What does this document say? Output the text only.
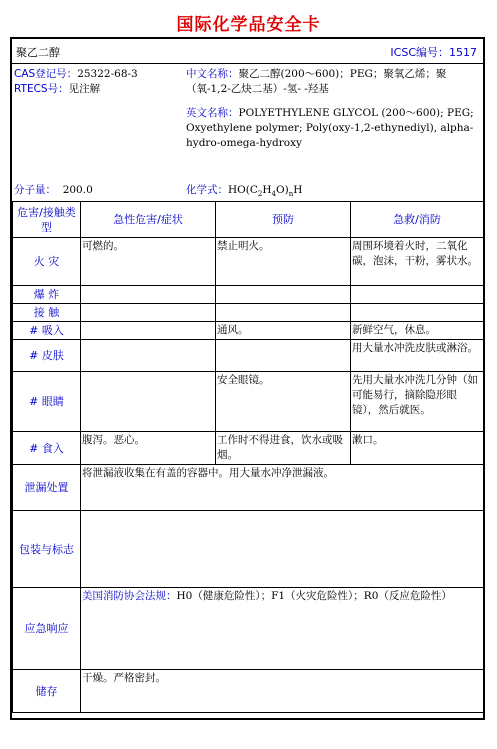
国际化学品安全卡
聚乙二醇	ICSC编号：1517
CAS登记号：25322-68-3
RTECS号：见注解
中文名称：聚乙二醇(200～600)；PEG；聚氧乙烯；聚（氧-1,2-乙炔二基）-氢- -羟基
英文名称：POLYETHYLENE GLYCOL (200～600); PEG; Oxyethylene polymer; Poly(oxy-1,2-ethynediyl), alpha-hydro-omega-hydroxy
分子量： 200.0	化学式：$HO(C_2H_4O)_nH$
危害/接触类型	急性危害/症状	预防	急救/消防
火 灾	可燃的。	禁止明火。	周围环境着火时，二氧化碳，泡沫，干粉，雾状水。
爆 炸			
接 触			
# 吸入		通风。	新鲜空气，休息。
# 皮肤			用大量水冲洗皮肤或淋浴。
# 眼睛		安全眼镜。	先用大量水冲洗几分钟（如可能易行，摘除隐形眼镜），然后就医。
# 食入	腹泻。恶心。	工作时不得进食，饮水或吸烟。	漱口。
泄漏处置	将泄漏液收集在有盖的容器中。用大量水冲净泄漏液。		
包装与标志			
应急响应	美国消防协会法规：H0（健康危险性）；F1（火灾危险性）；R0（反应危险性）		
储存	干燥。严格密封。		
